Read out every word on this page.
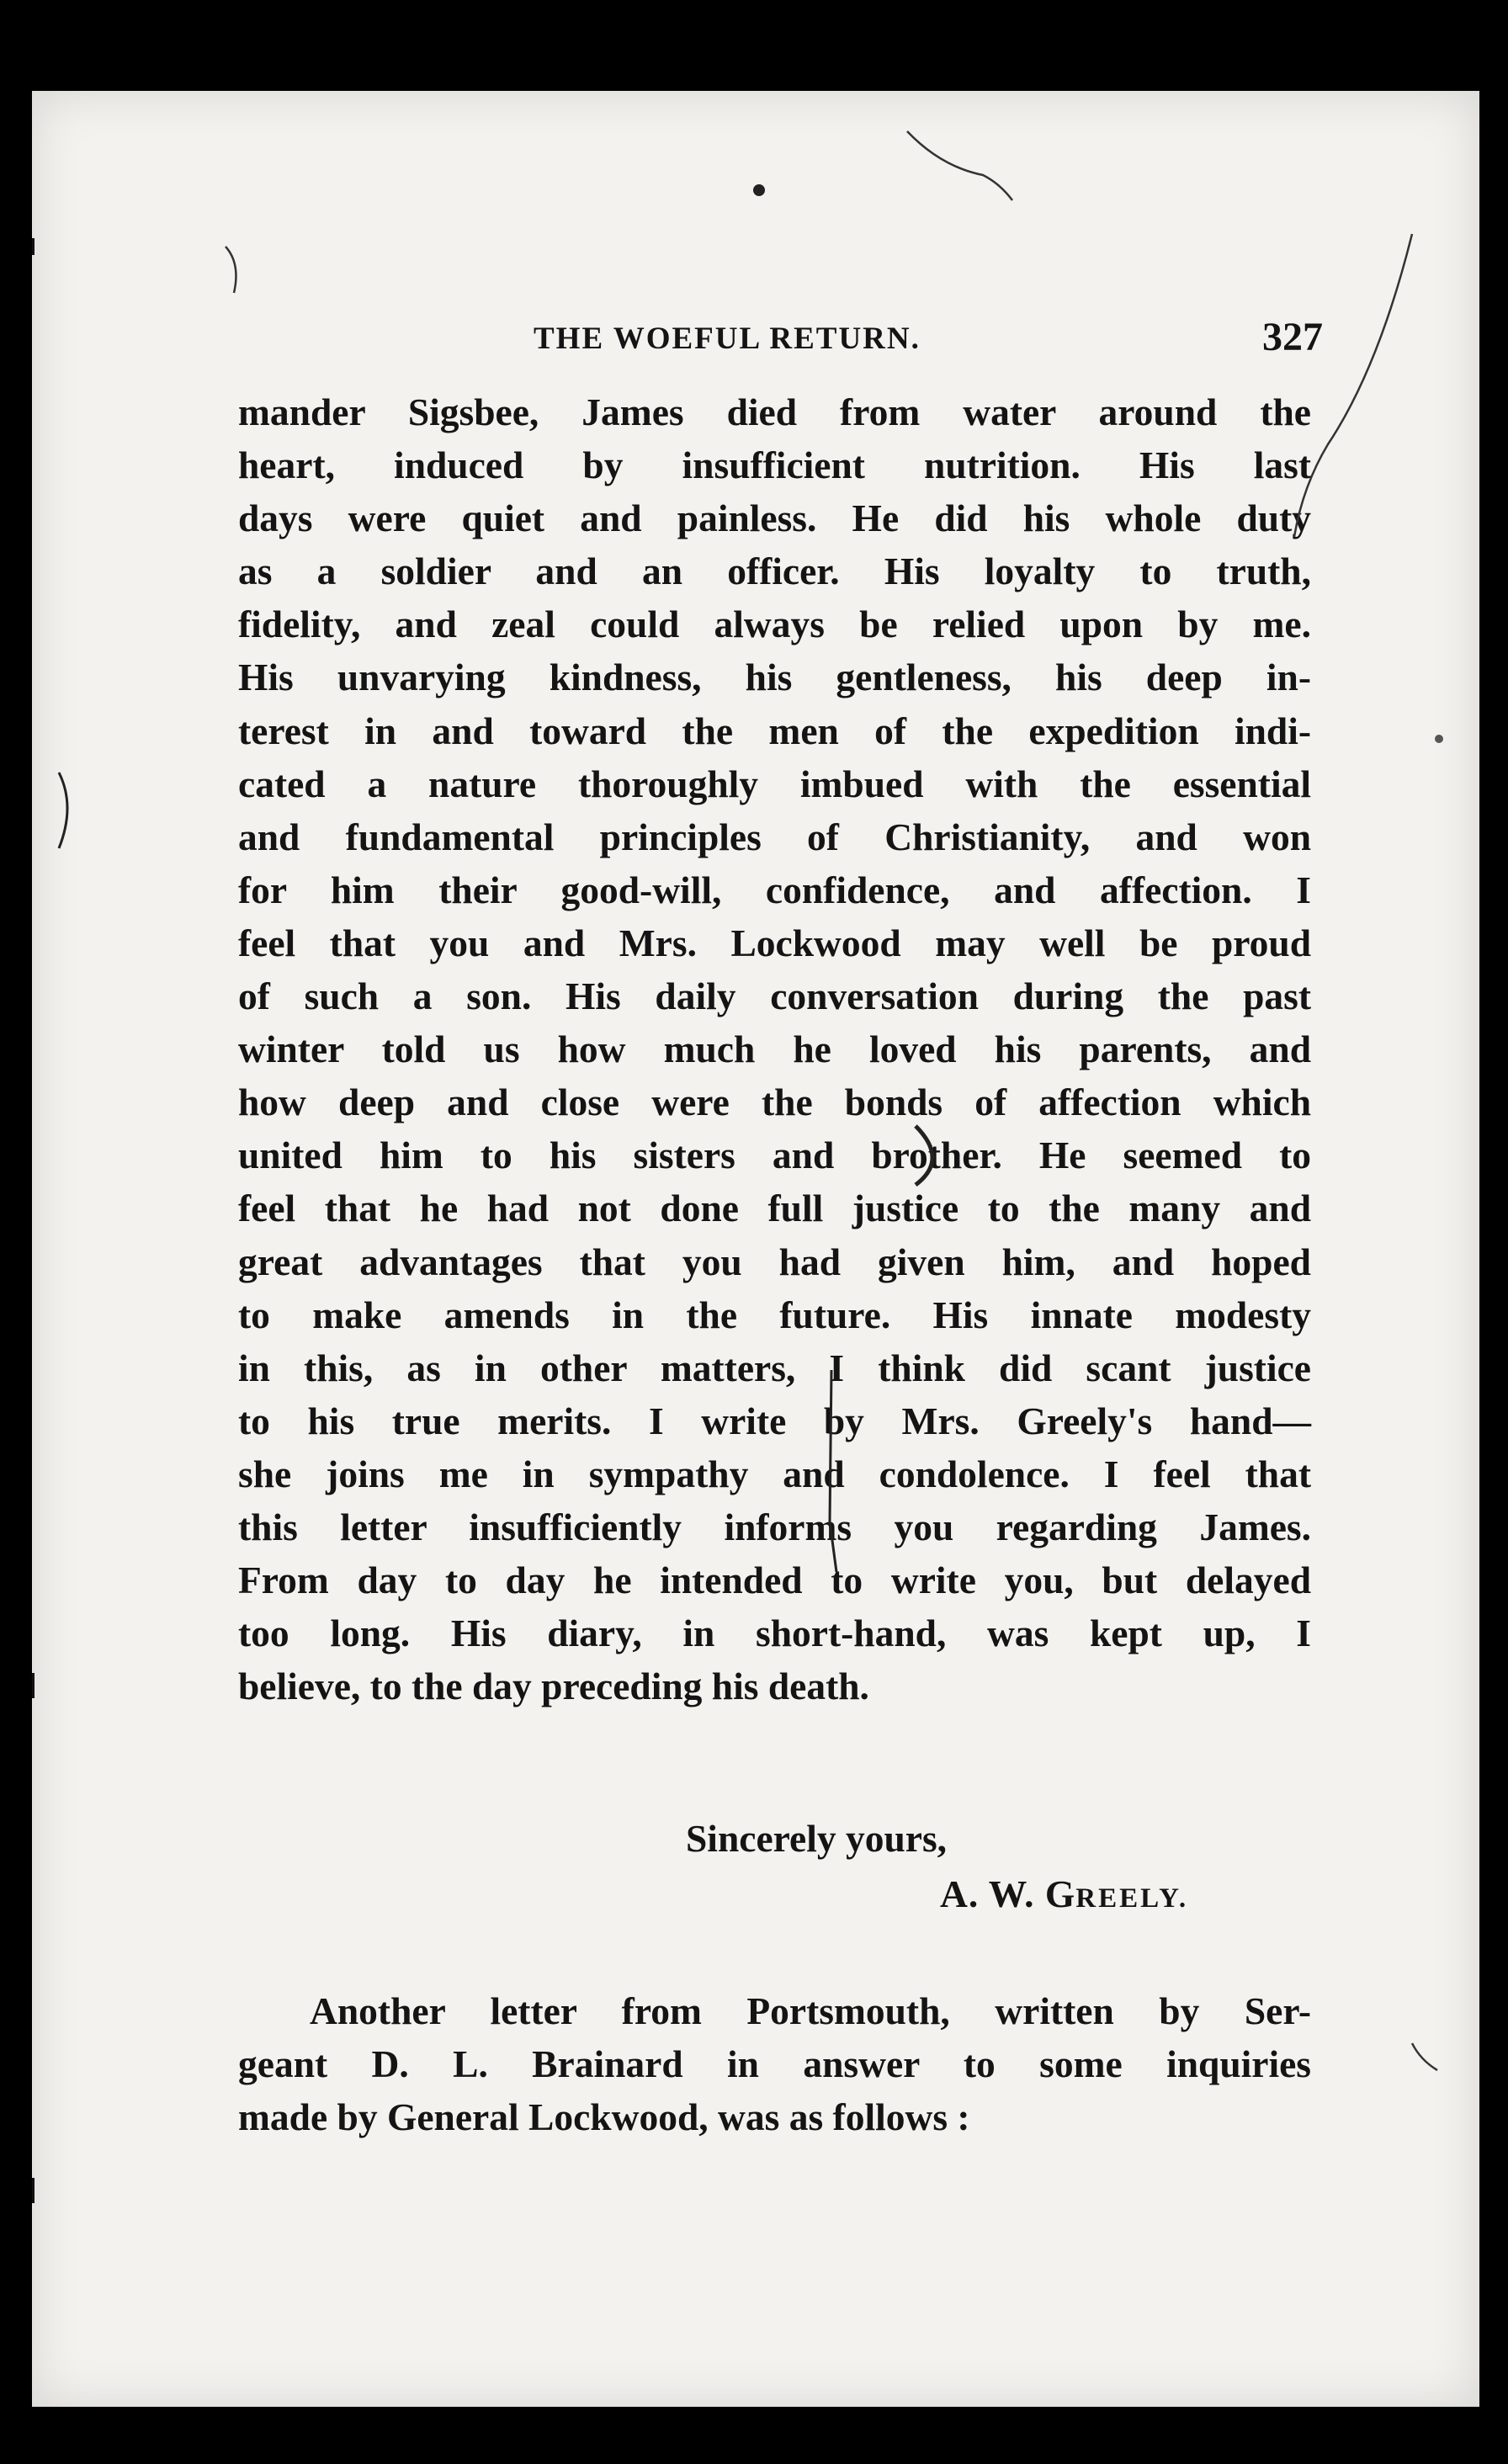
THE WOEFUL RETURN.	327
mander Sigsbee, James died from water around the
heart, induced by insufficient nutrition. His last
days were quiet and painless. He did his whole duty
as a soldier and an officer. His loyalty to truth,
fidelity, and zeal could always be relied upon by me.
His unvarying kindness, his gentleness, his deep in-
terest in and toward the men of the expedition indi-
cated a nature thoroughly imbued with the essential
and fundamental principles of Christianity, and won
for him their good-will, confidence, and affection. I
feel that you and Mrs. Lockwood may well be proud
of such a son. His daily conversation during the past
winter told us how much he loved his parents, and
how deep and close were the bonds of affection which
united him to his sisters and brother. He seemed to
feel that he had not done full justice to the many and
great advantages that you had given him, and hoped
to make amends in the future. His innate modesty
in this, as in other matters, I think did scant justice
to his true merits. I write by Mrs. Greely's hand—
she joins me in sympathy and condolence. I feel that
this letter insufficiently informs you regarding James.
From day to day he intended to write you, but delayed
too long. His diary, in short-hand, was kept up, I
believe, to the day preceding his death.
Sincerely yours,
A. W. GREELY.
Another letter from Portsmouth, written by Ser-
geant D. L. Brainard in answer to some inquiries
made by General Lockwood, was as follows :
